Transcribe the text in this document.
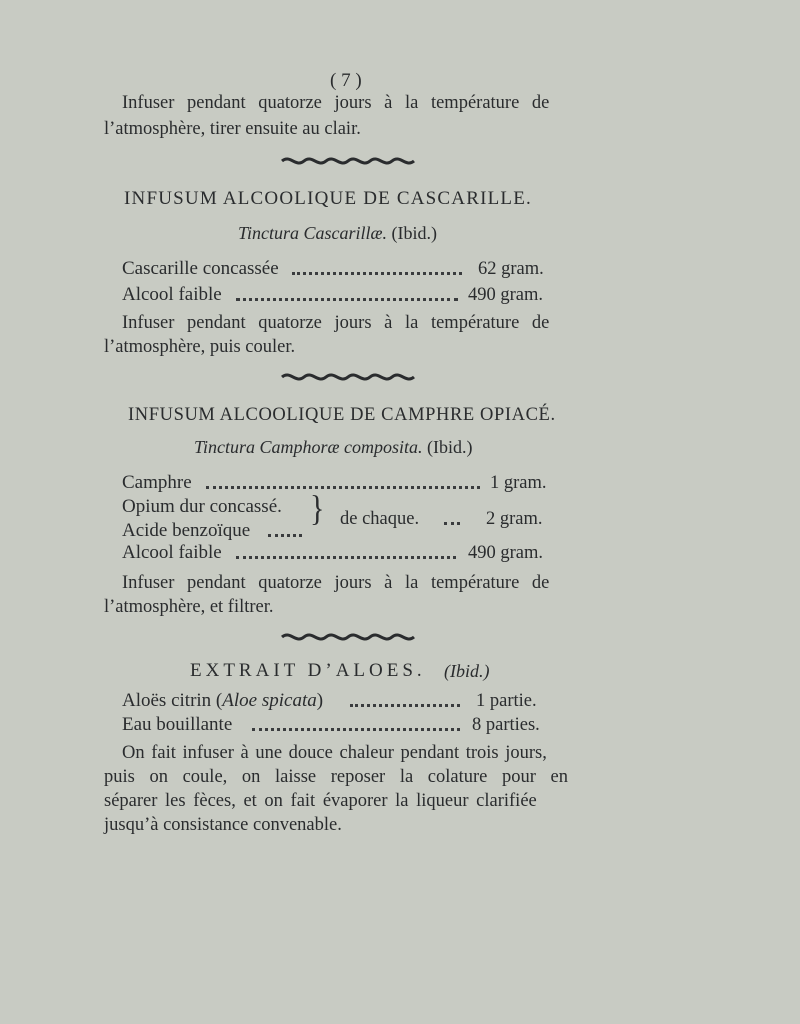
( 7 )
Infuser pendant quatorze jours à la température de
l’atmosphère, tirer ensuite au clair.
INFUSUM ALCOOLIQUE DE CASCARILLE.
Tinctura Cascarillæ. (Ibid.)
Cascarille concassée	62 gram.
Alcool faible	490 gram.
Infuser pendant quatorze jours à la température de
l’atmosphère, puis couler.
INFUSUM ALCOOLIQUE DE CAMPHRE OPIACÉ.
Tinctura Camphoræ composita. (Ibid.)
Camphre	1 gram.
Opium dur concassé.
Acide benzoïque
} de chaque.	2 gram.
Alcool faible	490 gram.
Infuser pendant quatorze jours à la température de
l’atmosphère, et filtrer.
EXTRAIT D’ALOES. (Ibid.)
Aloës citrin (Aloe spicata)	1 partie.
Eau bouillante	8 parties.
On fait infuser à une douce chaleur pendant trois jours,
puis on coule, on laisse reposer la colature pour en
séparer les fèces, et on fait évaporer la liqueur clarifiée
jusqu’à consistance convenable.
